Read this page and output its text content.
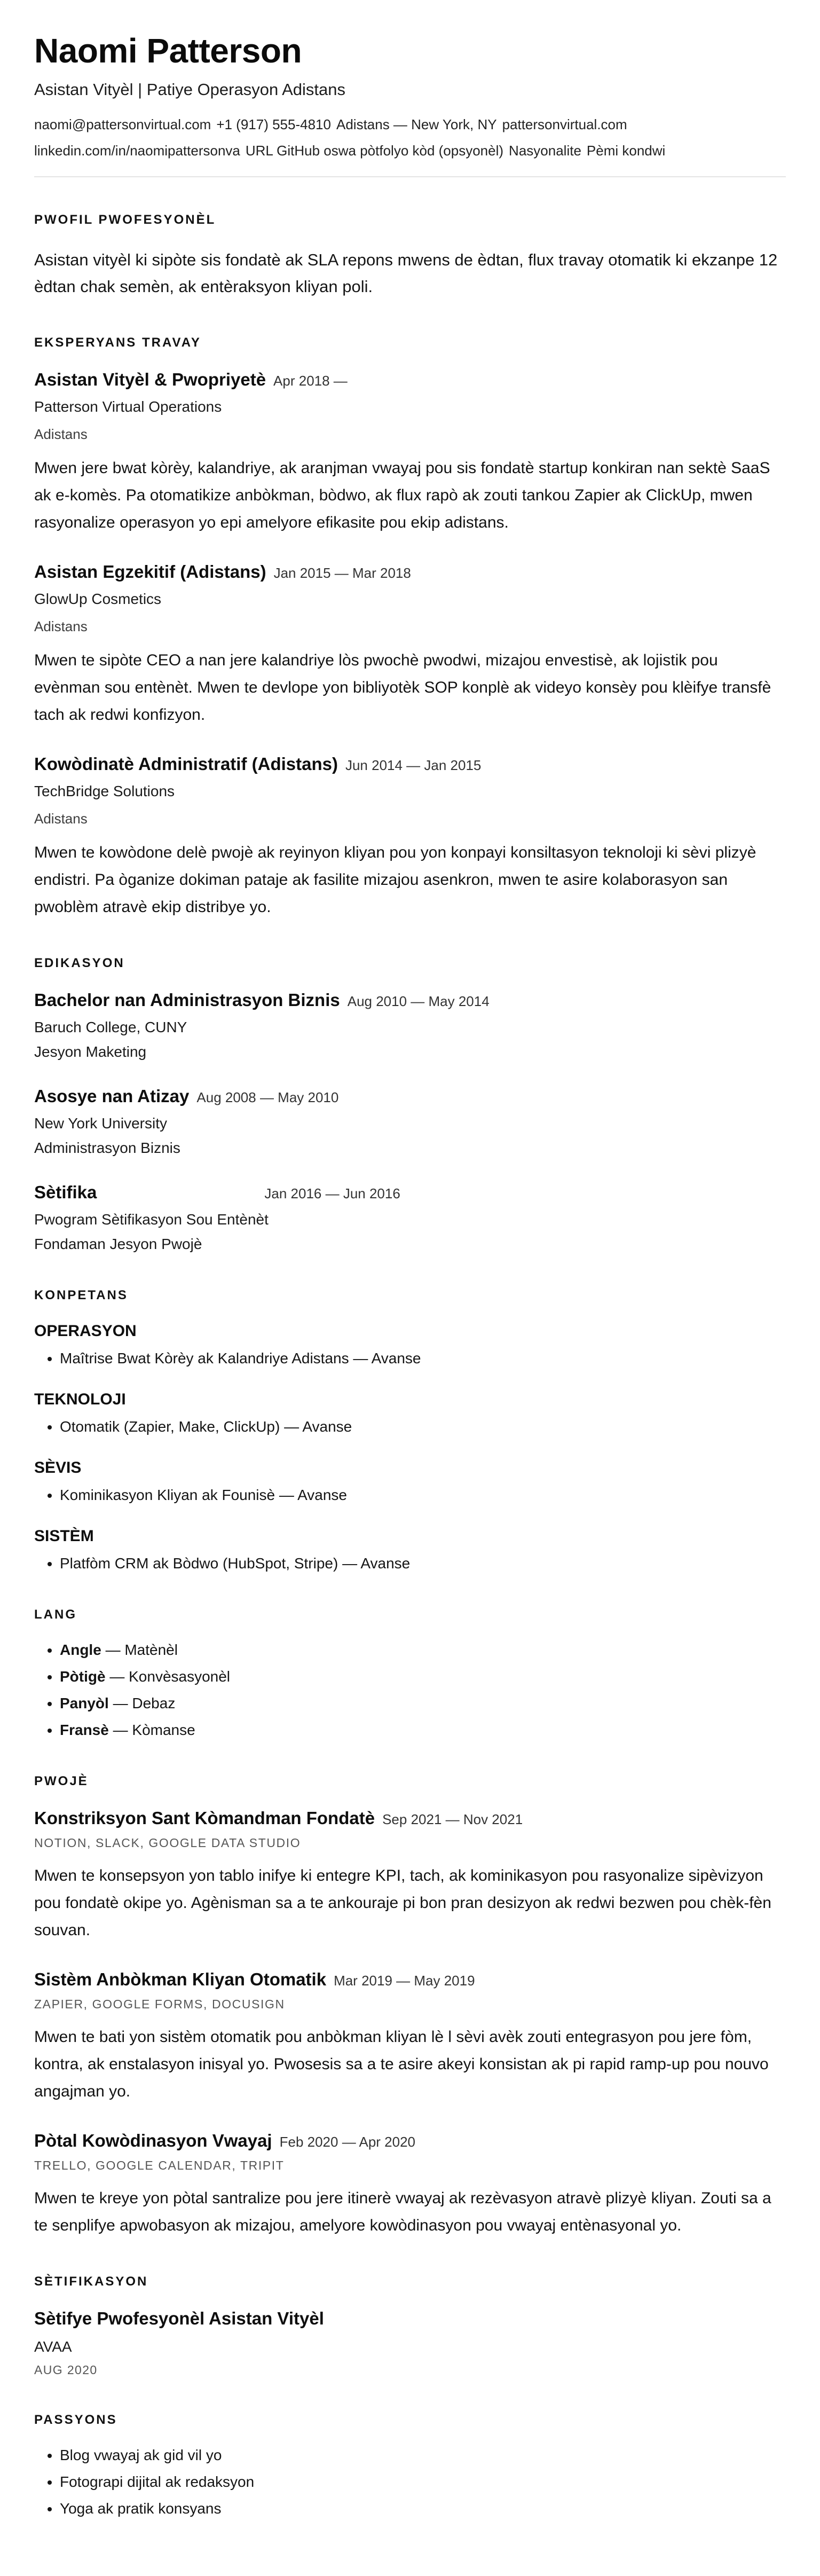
Naomi Patterson
Asistan Vityèl | Patiye Operasyon Adistans
naomi@pattersonvirtual.com +1 (917) 555-4810 Adistans — New York, NY pattersonvirtual.com
linkedin.com/in/naomipattersonva URL GitHub oswa pòtfolyo kòd (opsyonèl) Nasyonalite Pèmi kondwi
PWOFIL PWOFESYONÈL

Asistan vityèl ki sipòte sis fondatè ak SLA repons mwens de èdtan, flux travay otomatik ki ekzanpe 12 èdtan chak semèn, ak entèraksyon kliyan poli.

EKSPERYANS TRAVAY
Asistan Vityèl & Pwopriyetè Apr 2018 —
Patterson Virtual Operations
Adistans

Mwen jere bwat kòrèy, kalandriye, ak aranjman vwayaj pou sis fondatè startup konkiran nan sektè SaaS ak e-komès. Pa otomatikize anbòkman, bòdwo, ak flux rapò ak zouti tankou Zapier ak ClickUp, mwen rasyonalize operasyon yo epi amelyore efikasite pou ekip adistans.

Asistan Egzekitif (Adistans) Jan 2015 — Mar 2018
GlowUp Cosmetics
Adistans

Mwen te sipòte CEO a nan jere kalandriye lòs pwochè pwodwi, mizajou envestisè, ak lojistik pou evènman sou entènèt. Mwen te devlope yon bibliyotèk SOP konplè ak videyo konsèy pou klèifye transfè tach ak redwi konfizyon.

Kowòdinatè Administratif (Adistans) Jun 2014 — Jan 2015
TechBridge Solutions
Adistans

Mwen te kowòdone delè pwojè ak reyinyon kliyan pou yon konpayi konsiltasyon teknoloji ki sèvi plizyè endistri. Pa òganize dokiman pataje ak fasilite mizajou asenkron, mwen te asire kolaborasyon san pwoblèm atravè ekip distribye yo.

EDIKASYON
Bachelor nan Administrasyon Biznis Aug 2010 — May 2014
Baruch College, CUNY
Jesyon Maketing
Asosye nan Atizay Aug 2008 — May 2010
New York University
Administrasyon Biznis
Sètifika	Jan 2016 — Jun 2016
Pwogram Sètifikasyon Sou Entènèt
Fondaman Jesyon Pwojè
KONPETANS
OPERASYON
• Maîtrise Bwat Kòrèy ak Kalandriye Adistans — Avanse
TEKNOLOJI
• Otomatik (Zapier, Make, ClickUp) — Avanse
SÈVIS
• Kominikasyon Kliyan ak Founisè — Avanse
SISTÈM
• Platfòm CRM ak Bòdwo (HubSpot, Stripe) — Avanse
LANG
• Angle — Matènèl
• Pòtigè — Konvèsasyonèl
• Panyòl — Debaz
• Fransè — Kòmanse
PWOJÈ
Konstriksyon Sant Kòmandman Fondatè Sep 2021 — Nov 2021
NOTION, SLACK, GOOGLE DATA STUDIO

Mwen te konsepsyon yon tablo inifye ki entegre KPI, tach, ak kominikasyon pou rasyonalize sipèvizyon pou fondatè okipe yo. Agènisman sa a te ankouraje pi bon pran desizyon ak redwi bezwen pou chèk-fèn souvan.

Sistèm Anbòkman Kliyan Otomatik Mar 2019 — May 2019
ZAPIER, GOOGLE FORMS, DOCUSIGN

Mwen te bati yon sistèm otomatik pou anbòkman kliyan lè l sèvi avèk zouti entegrasyon pou jere fòm, kontra, ak enstalasyon inisyal yo. Pwosesis sa a te asire akeyi konsistan ak pi rapid ramp-up pou nouvo angajman yo.

Pòtal Kowòdinasyon Vwayaj Feb 2020 — Apr 2020
TRELLO, GOOGLE CALENDAR, TRIPIT

Mwen te kreye yon pòtal santralize pou jere itinerè vwayaj ak rezèvasyon atravè plizyè kliyan. Zouti sa a te senplifye apwobasyon ak mizajou, amelyore kowòdinasyon pou vwayaj entènasyonal yo.

SÈTIFIKASYON
Sètifye Pwofesyonèl Asistan Vityèl
AVAA
AUG 2020
PASSYONS
• Blog vwayaj ak gid vil yo
• Fotograpi dijital ak redaksyon
• Yoga ak pratik konsyans
